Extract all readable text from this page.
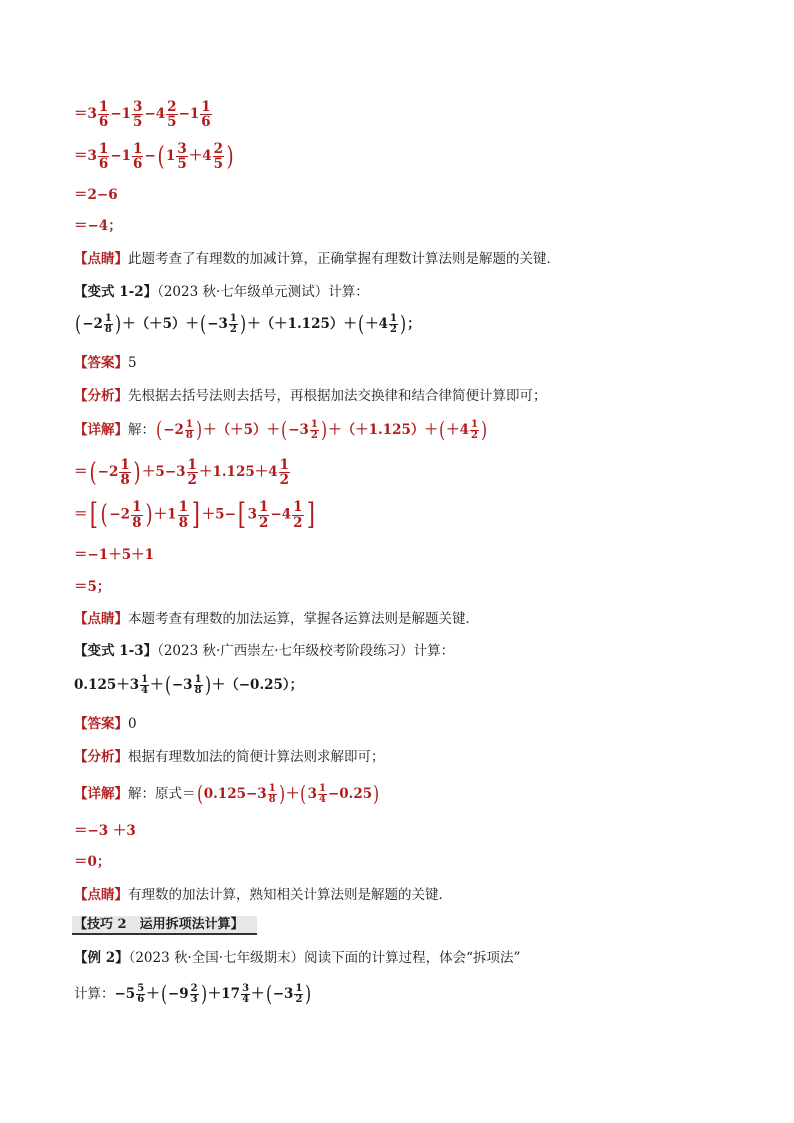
$=3 \frac{1}{6} -1 \frac{3}{5} -4 \frac{2}{5} -1 \frac{1}{6}$
$=3 \frac{1}{6} -1 \frac{1}{6}$ −( $1 \frac{3}{5} +4 \frac{2}{5}$ )
＝2−6
＝−4；
【点睛】此题考查了有理数的加减计算，正确掌握有理数计算法则是解题的关键．
【变式 1-2】（2023 秋·七年级单元测试）计算：
$(-2 \frac{1}{8} )+(+5)+(-3 \frac{1}{2} )+(+1.125)+(+4 \frac{1}{2}$ )；
【答案】5
【分析】先根据去括号法则去括号，再根据加法交换律和结合律简便计算即可；
【详解】解：$(-2 \frac{1}{8} )+(+5)+(-3 \frac{1}{2} )+(+1.125)+(+4 \frac{1}{2}$ )
＝( $-2 \frac{1}{8}$ ) $+5-3 \frac{1}{2} +1.125+4 \frac{1}{2}$
＝[ ( $-2 \frac{1}{8}$ ) $+1 \frac{1}{8}$ ] ＋5−[ $3 \frac{1}{2} -4 \frac{1}{2}$ ]
＝−1＋5＋1
＝5；
【点睛】本题考查有理数的加法运算，掌握各运算法则是解题关键．
【变式 1-3】（2023 秋·广西崇左·七年级校考阶段练习）计算：
$0.125+3 \frac{1}{4} +(-3 \frac{1}{8} )+(-0.25)$；
【答案】0
【分析】根据有理数加法的简便计算法则求解即可；
【详解】解：原式$=(0.125-3 \frac{1}{8} )+(3 \frac{1}{4} -0.25)$
＝−3 ＋3
＝0；
【点睛】有理数的加法计算，熟知相关计算法则是解题的关键．
【技巧 2　运用拆项法计算】
【例 2】（2023 秋·全国·七年级期末）阅读下面的计算过程，体会“拆项法”
计算：$-5 \frac{5}{6} +(-9 \frac{2}{3} )+17 \frac{3}{4} +(-3 \frac{1}{2}$ )
